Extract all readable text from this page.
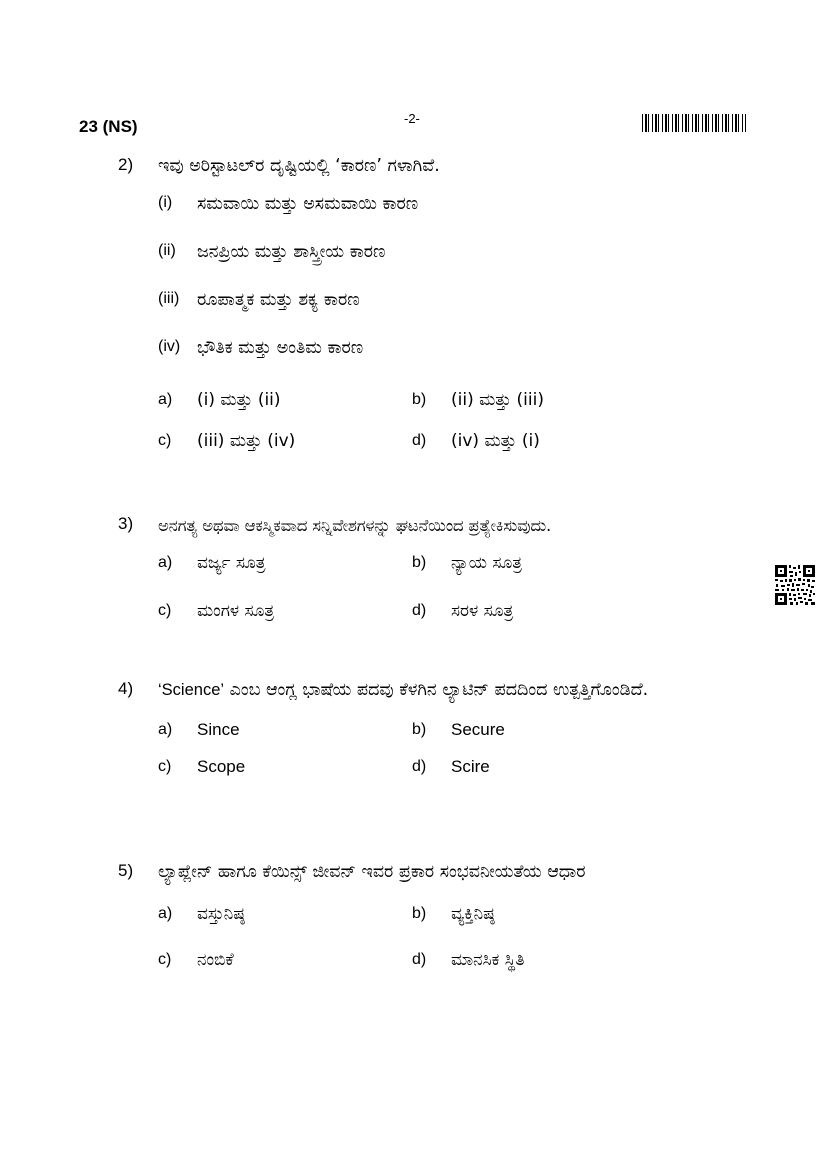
23 (NS)	-2-
2) ಇವು ಅರಿಸ್ಟಾಟಲ್‌ರ ದೃಷ್ಟಿಯಲ್ಲಿ ‘ಕಾರಣ’ ಗಳಾಗಿವೆ.
(i) ಸಮವಾಯಿ ಮತ್ತು ಅಸಮವಾಯಿ ಕಾರಣ
(ii) ಜನಪ್ರಿಯ ಮತ್ತು ಶಾಸ್ತ್ರೀಯ ಕಾರಣ
(iii) ರೂಪಾತ್ಮಕ ಮತ್ತು ಶಕ್ಯ ಕಾರಣ
(iv) ಭೌತಿಕ ಮತ್ತು ಅಂತಿಮ ಕಾರಣ
a) (i) ಮತ್ತು (ii)	b) (ii) ಮತ್ತು (iii)
c) (iii) ಮತ್ತು (iv)	d) (iv) ಮತ್ತು (i)
3) ಅನಗತ್ಯ ಅಥವಾ ಆಕಸ್ಮಿಕವಾದ ಸನ್ನಿವೇಶಗಳನ್ನು ಘಟನೆಯಿಂದ ಪ್ರತ್ಯೇಕಿಸುವುದು.
a) ವರ್ಜ್ಯ ಸೂತ್ರ	b) ನ್ಯಾಯ ಸೂತ್ರ
c) ಮಂಗಳ ಸೂತ್ರ	d) ಸರಳ ಸೂತ್ರ
4) ‘Science’ ಎಂಬ ಆಂಗ್ಲ ಭಾಷೆಯ ಪದವು ಕೆಳಗಿನ ಲ್ಯಾಟಿನ್ ಪದದಿಂದ ಉತ್ಪತ್ತಿಗೊಂಡಿದೆ.
a) Since	b) Secure
c) Scope	d) Scire
5) ಲ್ಯಾಪ್ಲೇನ್ ಹಾಗೂ ಕೆಯಿನ್ಸ್ ಜೀವನ್ ಇವರ ಪ್ರಕಾರ ಸಂಭವನೀಯತೆಯ ಆಧಾರ
a) ವಸ್ತುನಿಷ್ಠ	b) ವ್ಯಕ್ತಿನಿಷ್ಠ
c) ನಂಬಿಕೆ	d) ಮಾನಸಿಕ ಸ್ಥಿತಿ
